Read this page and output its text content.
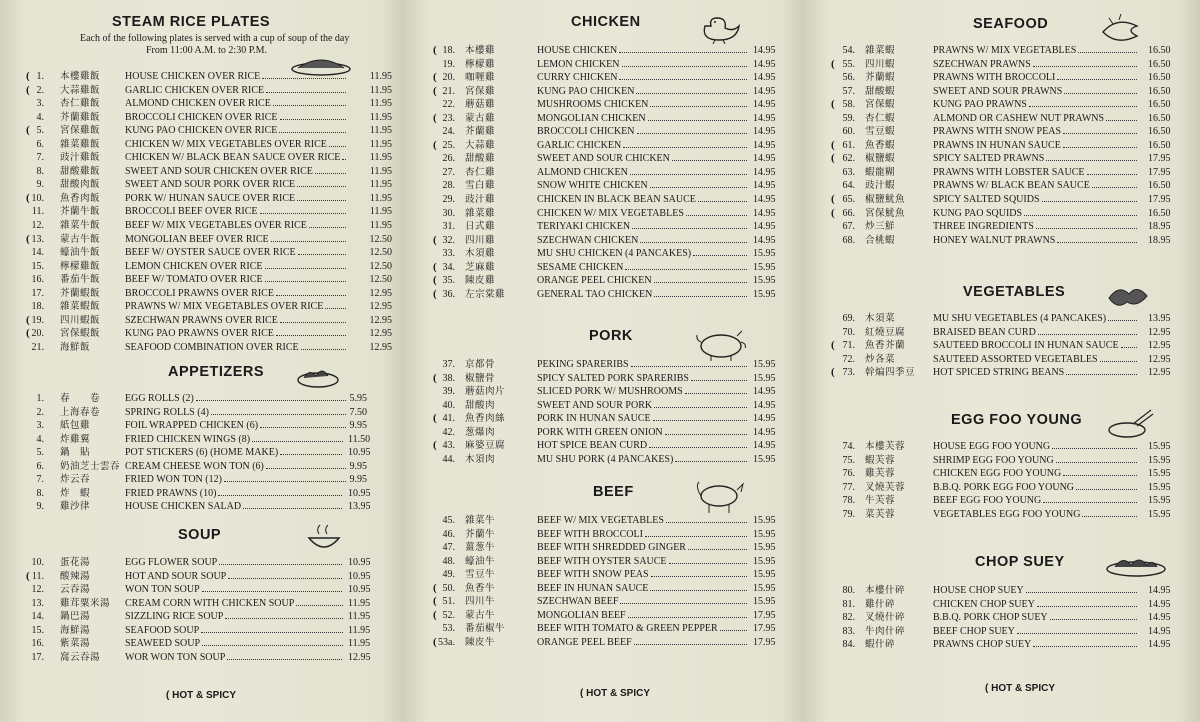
STEAM RICE PLATES
Each of the following plates is served with a cup of soup of the day
From 11:00 A.M. to 2:30 P.M.
( 1. 本樓雞飯 HOUSE CHICKEN OVER RICE	11.95
( 2. 大蒜雞飯 GARLIC CHICKEN OVER RICE	11.95
3. 杏仁雞飯 ALMOND CHICKEN OVER RICE	11.95
4. 芥蘭雞飯 BROCCOLI CHICKEN OVER RICE	11.95
( 5. 宮保雞飯 KUNG PAO CHICKEN OVER RICE	11.95
6. 雜菜雞飯 CHICKEN W/ MIX VEGETABLES OVER RICE	11.95
7. 豉汁雞飯 CHICKEN W/ BLACK BEAN SAUCE OVER RICE	11.95
8. 甜酸雞飯 SWEET AND SOUR CHICKEN OVER RICE	11.95
9. 甜酸肉飯 SWEET AND SOUR PORK OVER RICE	11.95
( 10. 魚香肉飯 PORK W/ HUNAN SAUCE OVER RICE	11.95
11. 芥蘭牛飯 BROCCOLI BEEF OVER RICE	11.95
12. 雜菜牛飯 BEEF W/ MIX VEGETABLES OVER RICE	11.95
( 13. 蒙古牛飯 MONGOLIAN BEEF OVER RICE	12.50
14. 蠔油牛飯 BEEF W/ OYSTER SAUCE OVER RICE	12.50
15. 檸檬雞飯 LEMON CHICKEN OVER RICE	12.50
16. 番茄牛飯 BEEF W/ TOMATO OVER RICE	12.50
17. 芥蘭蝦飯 BROCCOLI PRAWNS OVER RICE	12.95
18. 雜菜蝦飯 PRAWNS W/ MIX VEGETABLES OVER RICE	12.95
( 19. 四川蝦飯 SZECHWAN PRAWNS OVER RICE	12.95
( 20. 宮保蝦飯 KUNG PAO PRAWNS OVER RICE	12.95
21. 海鮮飯	SEAFOOD COMBINATION OVER RICE	12.95
APPETIZERS
1. 春　　卷 EGG ROLLS (2)	5.95
2. 上海春卷 SPRING ROLLS (4)	7.50
3. 紙包雞	FOIL WRAPPED CHICKEN (6)	9.95
4. 炸雞翼	FRIED CHICKEN WINGS (8)	11.50
5. 鍋　貼	POT STICKERS (6) (HOME MAKE)	10.95
6. 奶油芝士雲吞 CREAM CHEESE WON TON (6)	9.95
7. 炸云吞	FRIED WON TON (12)	9.95
8. 炸　蝦	FRIED PRAWNS (10)	10.95
9. 雞沙律	HOUSE CHICKEN SALAD	13.95
SOUP
10. 蛋花湯	EGG FLOWER SOUP	10.95
( 11. 酸辣湯	HOT AND SOUR SOUP	10.95
12. 云吞湯	WON TON SOUP	10.95
13. 雞茸粟米湯 CREAM CORN WITH CHICKEN SOUP	11.95
14. 鍋巴湯	SIZZLING RICE SOUP	11.95
15. 海鮮湯	SEAFOOD SOUP	11.95
16. 紫菜湯	SEAWEED SOUP	11.95
17. 窩云吞湯 WOR WON TON SOUP	12.95
( HOT & SPICY
CHICKEN
( 18. 本樓雞	HOUSE CHICKEN	14.95
19. 檸檬雞	LEMON CHICKEN	14.95
( 20. 咖喱雞	CURRY CHICKEN	14.95
( 21. 宮保雞	KUNG PAO CHICKEN	14.95
22. 蘑菇雞	MUSHROOMS CHICKEN	14.95
( 23. 蒙古雞	MONGOLIAN CHICKEN	14.95
24. 芥蘭雞	BROCCOLI CHICKEN	14.95
( 25. 大蒜雞	GARLIC CHICKEN	14.95
26. 甜酸雞	SWEET AND SOUR CHICKEN	14.95
27. 杏仁雞	ALMOND CHICKEN	14.95
28. 雪白雞	SNOW WHITE CHICKEN	14.95
29. 豉汁雞	CHICKEN IN BLACK BEAN SAUCE	14.95
30. 雜菜雞	CHICKEN W/ MIX VEGETABLES	14.95
31. 日式雞	TERIYAKI CHICKEN	14.95
( 32. 四川雞	SZECHWAN CHICKEN	14.95
33. 木須雞	MU SHU CHICKEN (4 PANCAKES)	15.95
( 34. 芝麻雞	SESAME CHICKEN	15.95
( 35. 陳皮雞	ORANGE PEEL CHICKEN	15.95
( 36. 左宗棠雞	GENERAL TAO CHICKEN	15.95
PORK
37. 京都骨	PEKING SPARERIBS	15.95
( 38. 椒鹽骨	SPICY SALTED PORK SPARERIBS	15.95
39. 蘑菇肉片	SLICED PORK W/ MUSHROOMS	14.95
40. 甜酸肉	SWEET AND SOUR PORK	14.95
( 41. 魚香肉絲	PORK IN HUNAN SAUCE	14.95
42. 葱爆肉	PORK WITH GREEN ONION	14.95
( 43. 麻婆豆腐	HOT SPICE BEAN CURD	14.95
44. 木須肉	MU SHU PORK (4 PANCAKES)	15.95
BEEF
45. 雜菜牛	BEEF W/ MIX VEGETABLES	15.95
46. 芥蘭牛	BEEF WITH BROCCOLI	15.95
47. 薑葱牛	BEEF WITH SHREDDED GINGER	15.95
48. 蠔油牛	BEEF WITH OYSTER SAUCE	15.95
49. 雪豆牛	BEEF WITH SNOW PEAS	15.95
( 50. 魚香牛	BEEF IN HUNAN SAUCE	15.95
( 51. 四川牛	SZECHWAN BEEF	15.95
( 52. 蒙古牛	MONGOLIAN BEEF	17.95
53. 番茄椒牛	BEEF WITH TOMATO & GREEN PEPPER	17.95
( 53a. 陳皮牛	ORANGE PEEL BEEF	17.95
( HOT & SPICY
SEAFOOD
54. 雜菜蝦	PRAWNS W/ MIX VEGETABLES	16.50
( 55. 四川蝦	SZECHWAN PRAWNS	16.50
56. 芥蘭蝦	PRAWNS WITH BROCCOLI	16.50
57. 甜酸蝦	SWEET AND SOUR PRAWNS	16.50
( 58. 宮保蝦	KUNG PAO PRAWNS	16.50
59. 杏仁蝦	ALMOND OR CASHEW NUT PRAWNS	16.50
60. 雪豆蝦	PRAWNS WITH SNOW PEAS	16.50
( 61. 魚香蝦	PRAWNS IN HUNAN SAUCE	16.50
( 62. 椒鹽蝦	SPICY SALTED PRAWNS	17.95
63. 蝦龍糊	PRAWNS WITH LOBSTER SAUCE	17.95
64. 豉汁蝦	PRAWNS W/ BLACK BEAN SAUCE	16.50
( 65. 椒鹽魷魚	SPICY SALTED SQUIDS	17.95
( 66. 宮保魷魚	KUNG PAO SQUIDS	16.50
67. 炒三鮮	THREE INGREDIENTS	18.95
68. 合桃蝦	HONEY WALNUT PRAWNS	18.95
VEGETABLES
69. 木須菜	MU SHU VEGETABLES (4 PANCAKES)	13.95
70. 紅燒豆腐	BRAISED BEAN CURD	12.95
( 71. 魚香芥蘭	SAUTEED BROCCOLI IN HUNAN SAUCE	12.95
72. 炒各菜	SAUTEED ASSORTED VEGETABLES	12.95
( 73. 幹煸四季豆 HOT SPICED STRING BEANS	12.95
EGG FOO YOUNG
74. 本樓芙蓉	HOUSE EGG FOO YOUNG	15.95
75. 蝦芙蓉	SHRIMP EGG FOO YOUNG	15.95
76. 雞芙蓉	CHICKEN EGG FOO YOUNG	15.95
77. 叉燒芙蓉	B.B.Q. PORK EGG FOO YOUNG	15.95
78. 牛芙蓉	BEEF EGG FOO YOUNG	15.95
79. 菜芙蓉	VEGETABLES EGG FOO YOUNG	15.95
CHOP SUEY
80. 本樓什碎	HOUSE CHOP SUEY	14.95
81. 雞什碎	CHICKEN CHOP SUEY	14.95
82. 叉燒什碎	B.B.Q. PORK CHOP SUEY	14.95
83. 牛肉什碎	BEEF CHOP SUEY	14.95
84. 蝦什碎	PRAWNS CHOP SUEY	14.95
( HOT & SPICY
